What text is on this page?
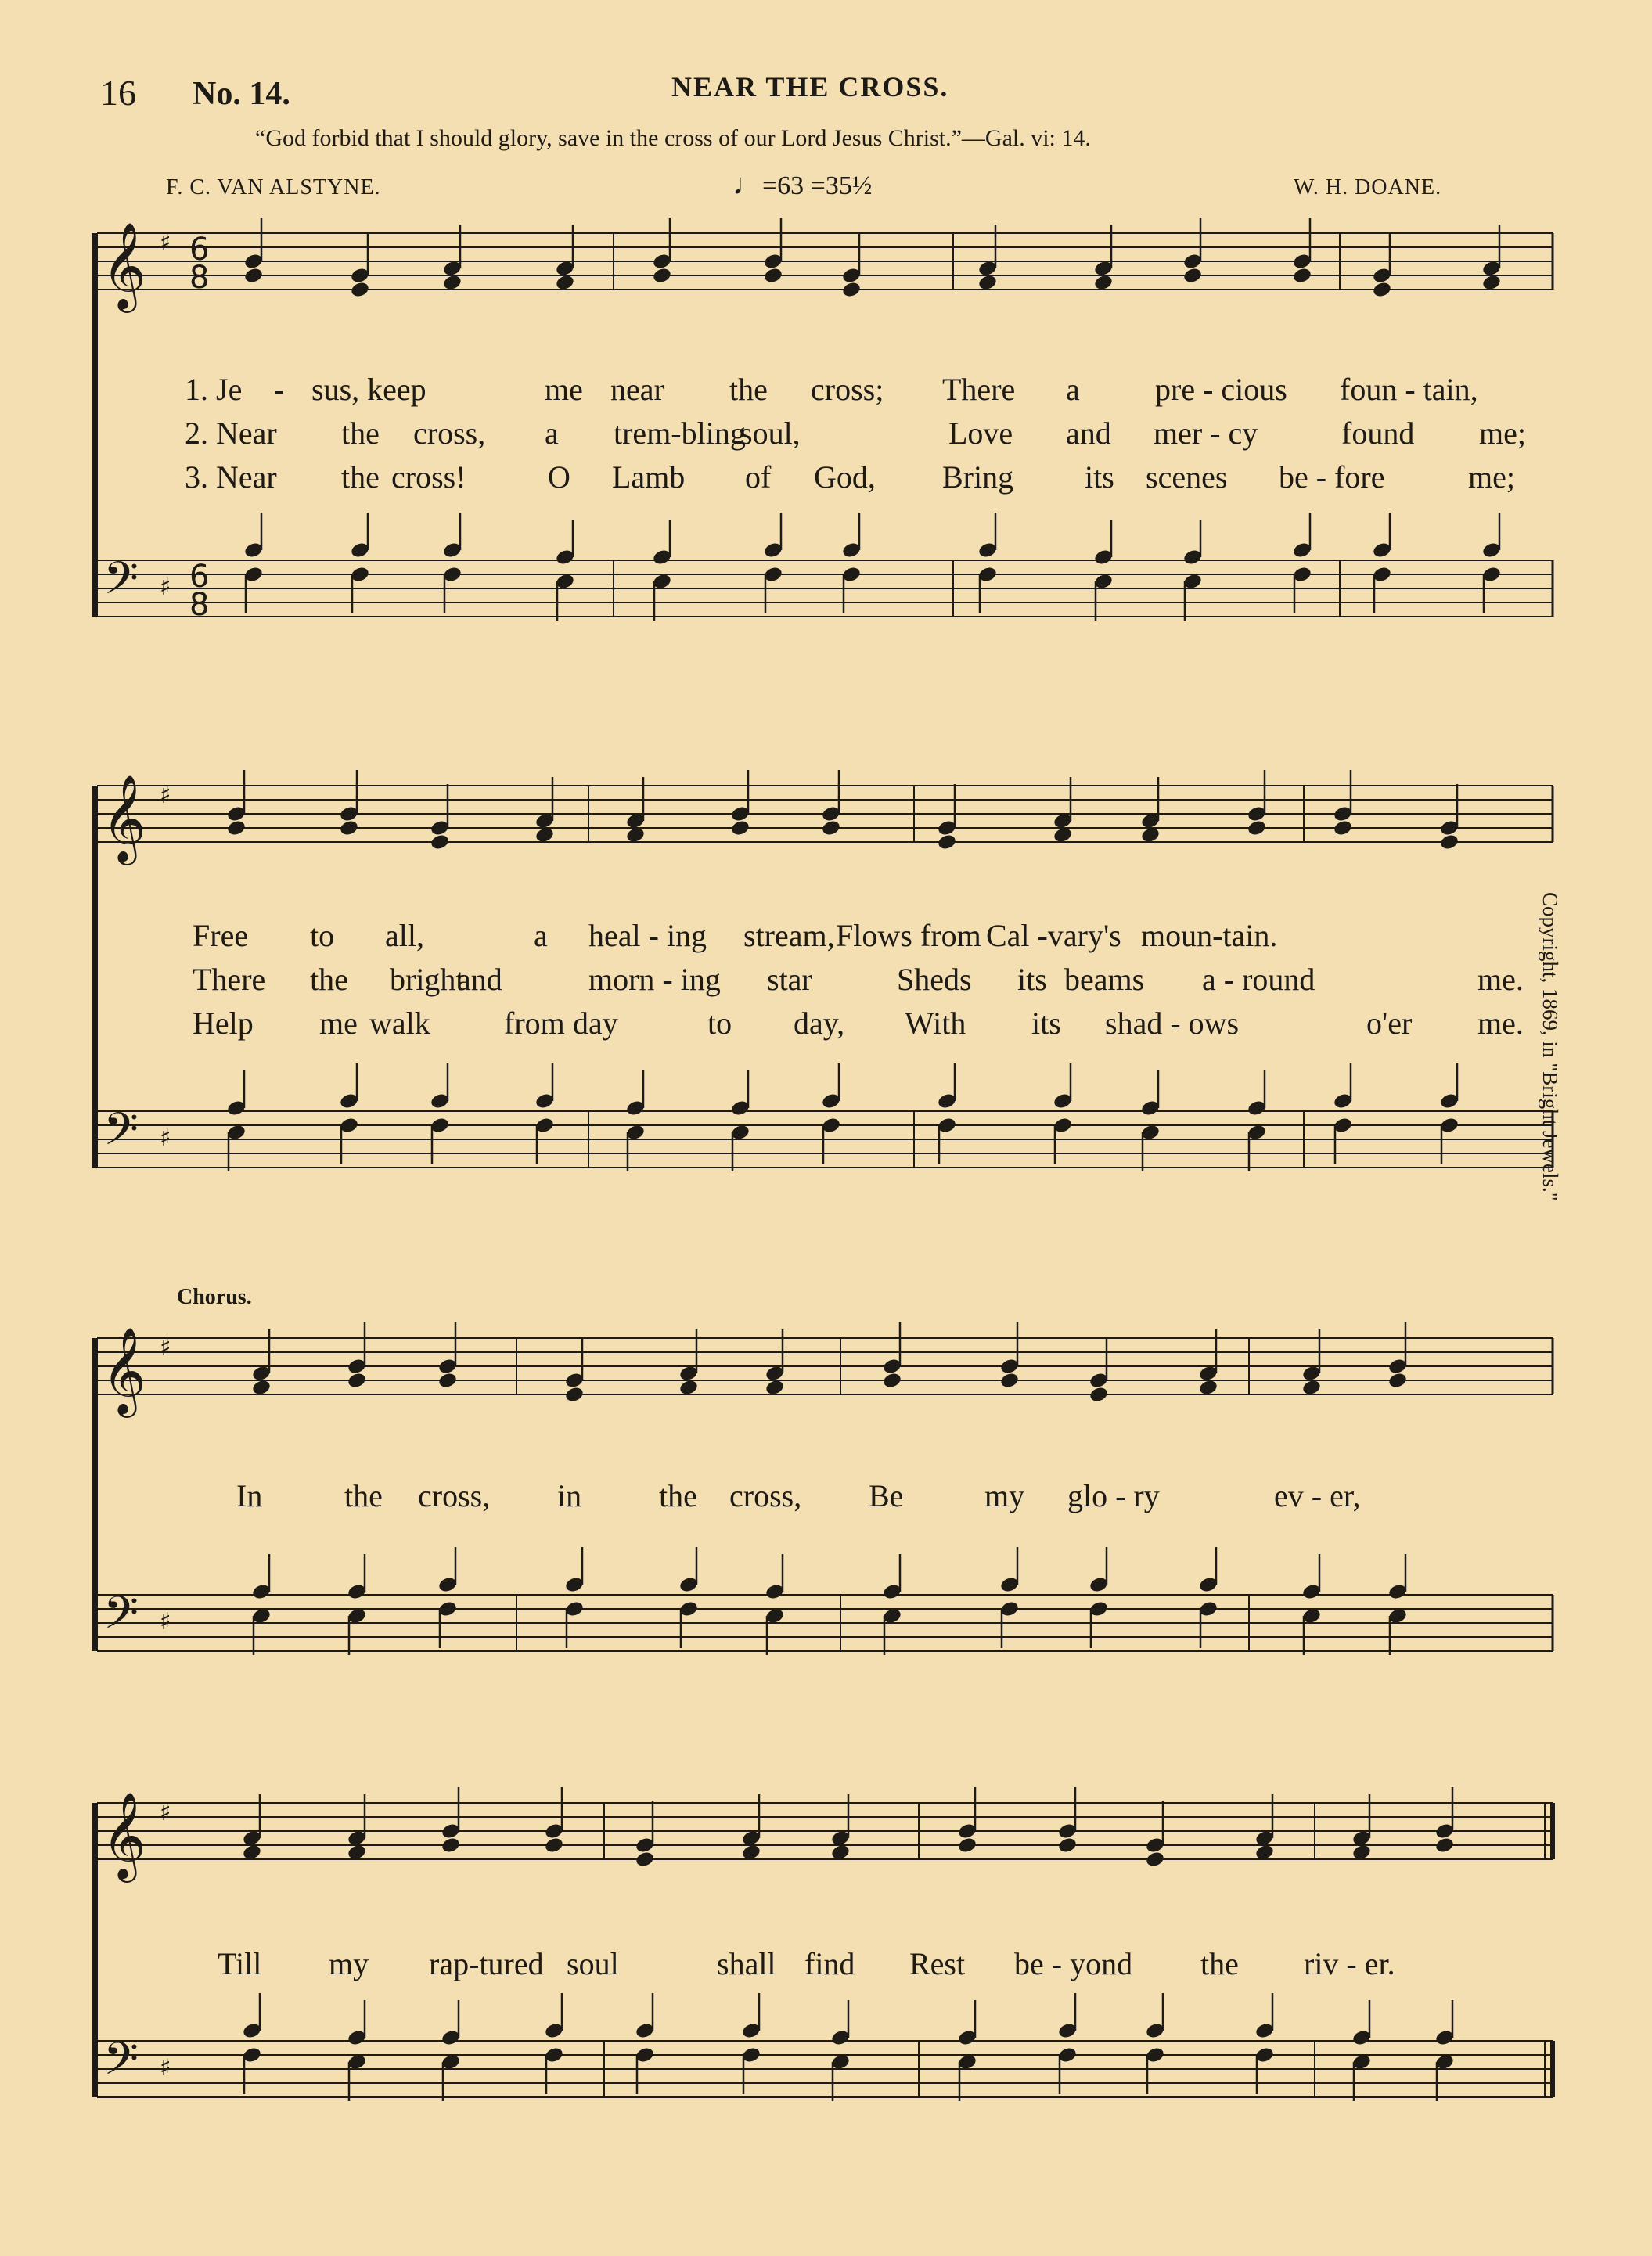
16 No. 14.	NEAR THE CROSS.
“God forbid that I should glory, save in the cross of our Lord Jesus Christ.”—Gal. vi: 14.
F. C. VAN ALSTYNE.	W. H. DOANE.
♩=63 =35½
1. Je - sus, keep	me near the cross; There a pre - cious foun - tain,
2. Near the cross, a trem-bling
soul,	Love and mer - cy	found me;
3. Near the cross!	O Lamb of God, Bring its scenes be - fore	me;
Free to all,	a heal - ing stream, Flows from Cal -vary's moun-tain.
There the bright
and	morn - ing star	Sheds its beams a - round	me.
Help me walk from day	to day, With its shad - ows	o'er me.
Chorus.
In	the cross, in the cross, Be	my glo - ry	ev - er,
Till my rap-tured soul	shall find Rest be - yond the riv - er.
Copyright, 1869, in "Bright Jewels."
𝄞
𝄢
♯
♯
6
8
6
8
𝄞
𝄢
♯
♯
𝄞
𝄢
♯
♯
𝄞
𝄢
♯
♯
